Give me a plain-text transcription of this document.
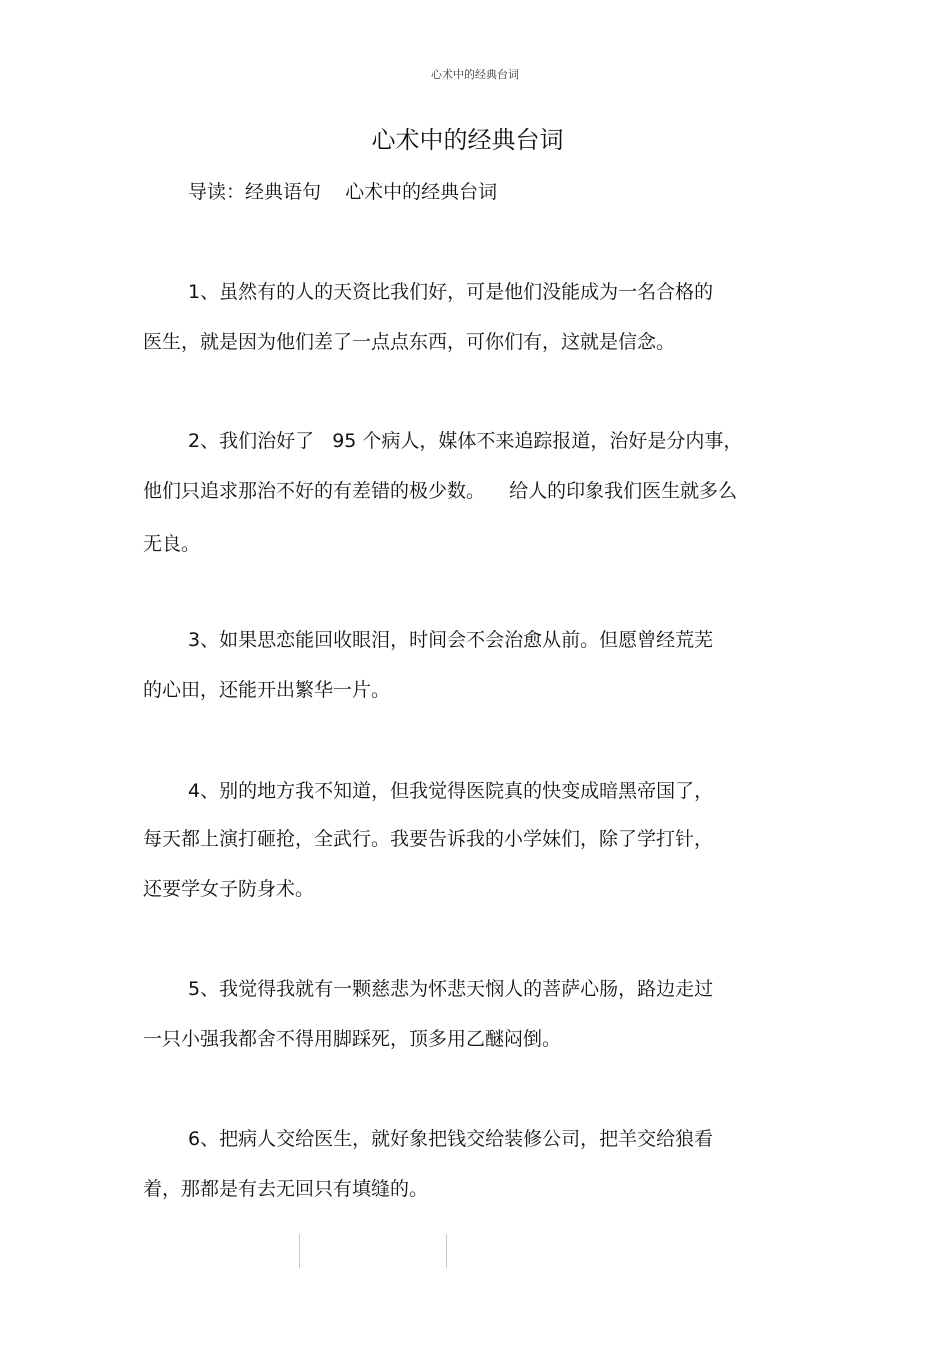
心术中的经典台词
心术中的经典台词
导读：经典语句    心术中的经典台词
1、虽然有的人的天资比我们好，可是他们没能成为一名合格的
医生，就是因为他们差了一点点东西，可你们有，这就是信念。
2、我们治好了   95 个病人，媒体不来追踪报道，治好是分内事，
他们只追求那治不好的有差错的极少数。    给人的印象我们医生就多么
无良。
3、如果思恋能回收眼泪，时间会不会治愈从前。但愿曾经荒芜
的心田，还能开出繁华一片。
4、别的地方我不知道，但我觉得医院真的快变成暗黑帝国了，
每天都上演打砸抢，全武行。我要告诉我的小学妹们，除了学打针，
还要学女子防身术。
5、我觉得我就有一颗慈悲为怀悲天悯人的菩萨心肠，路边走过
一只小强我都舍不得用脚踩死，顶多用乙醚闷倒。
6、把病人交给医生，就好象把钱交给装修公司，把羊交给狼看
着，那都是有去无回只有填缝的。
